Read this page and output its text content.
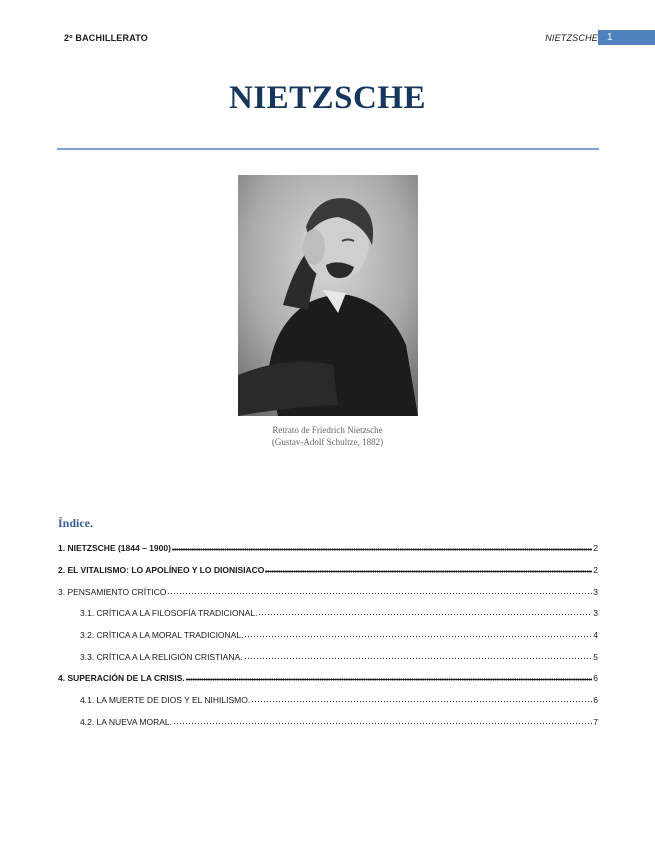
2º BACHILLERATO	NIETZSCHE 1
NIETZSCHE
Retrato de Friedrich Nietzsche
(Gustav-Adolf Schultze, 1882)
Índice.
1. NIETZSCHE (1844 – 1900)	2
2. EL VITALISMO: LO APOLÍNEO Y LO DIONISIACO	2
3. PENSAMIENTO CRÍTICO	3
3.1. CRÍTICA A LA FILOSOFÍA TRADICIONAL.	3
3.2. CRÍTICA A LA MORAL TRADICIONAL.	4
3.3. CRÍTICA A LA RELIGIÓN CRISTIANA.	5
4. SUPERACIÓN DE LA CRISIS.	6
4.1. LA MUERTE DE DIOS Y EL NIHILISMO.	6
4.2. LA NUEVA MORAL.	7
